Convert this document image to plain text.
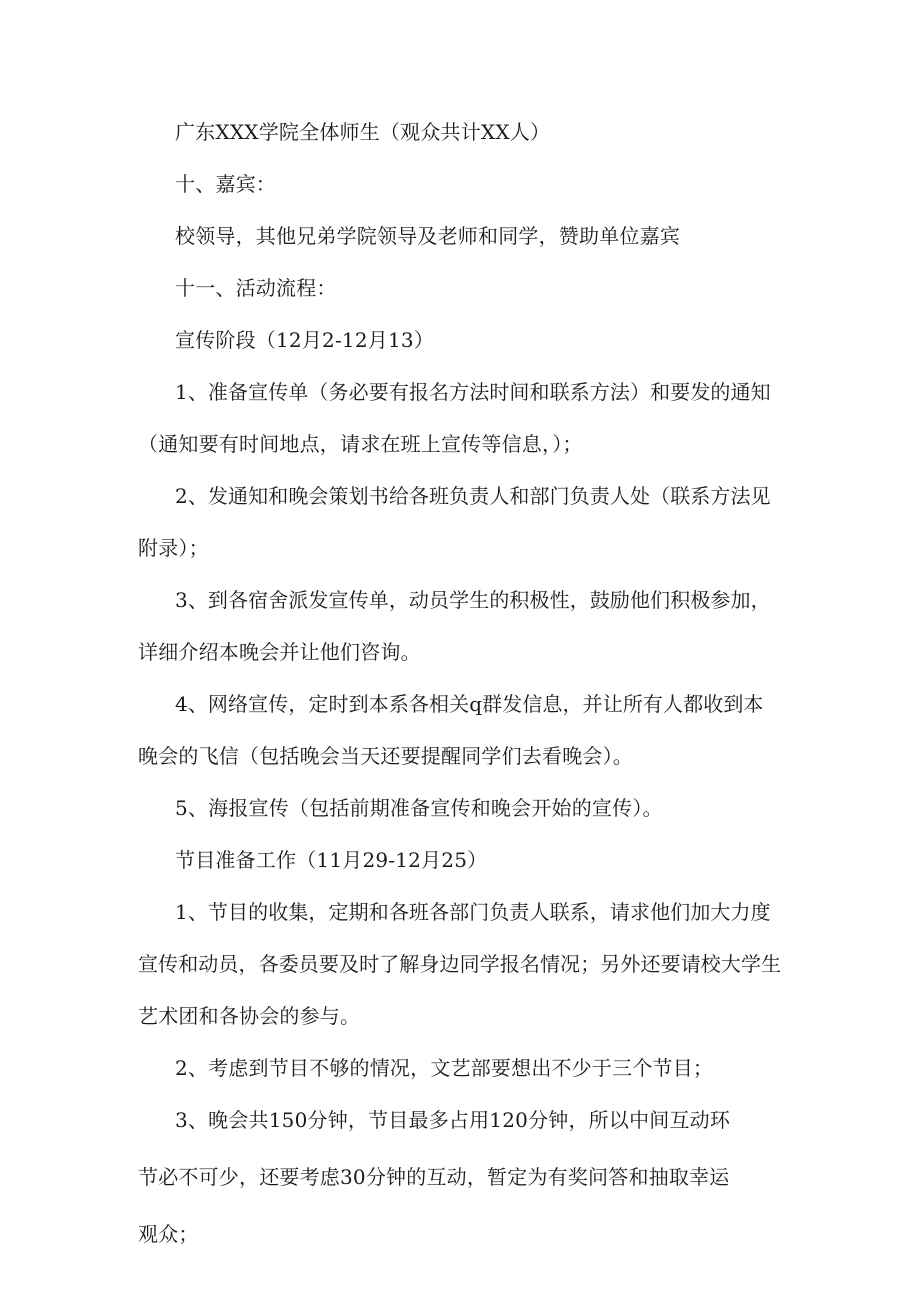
广东XXX学院全体师生（观众共计XX人）
十、嘉宾：
校领导，其他兄弟学院领导及老师和同学，赞助单位嘉宾
十一、活动流程：
宣传阶段（12月2-12月13）
1、准备宣传单（务必要有报名方法时间和联系方法）和要发的通知
（通知要有时间地点，请求在班上宣传等信息，）；
2、发通知和晚会策划书给各班负责人和部门负责人处（联系方法见
附录）；
3、到各宿舍派发宣传单，动员学生的积极性，鼓励他们积极参加，
详细介绍本晚会并让他们咨询。
4、网络宣传，定时到本系各相关q群发信息，并让所有人都收到本
晚会的飞信（包括晚会当天还要提醒同学们去看晚会）。
5、海报宣传（包括前期准备宣传和晚会开始的宣传）。
节目准备工作（11月29-12月25）
1、节目的收集，定期和各班各部门负责人联系，请求他们加大力度
宣传和动员，各委员要及时了解身边同学报名情况；另外还要请校大学生
艺术团和各协会的参与。
2、考虑到节目不够的情况，文艺部要想出不少于三个节目；
3、晚会共150分钟，节目最多占用120分钟，所以中间互动环
节必不可少，还要考虑30分钟的互动，暂定为有奖问答和抽取幸运
观众；
